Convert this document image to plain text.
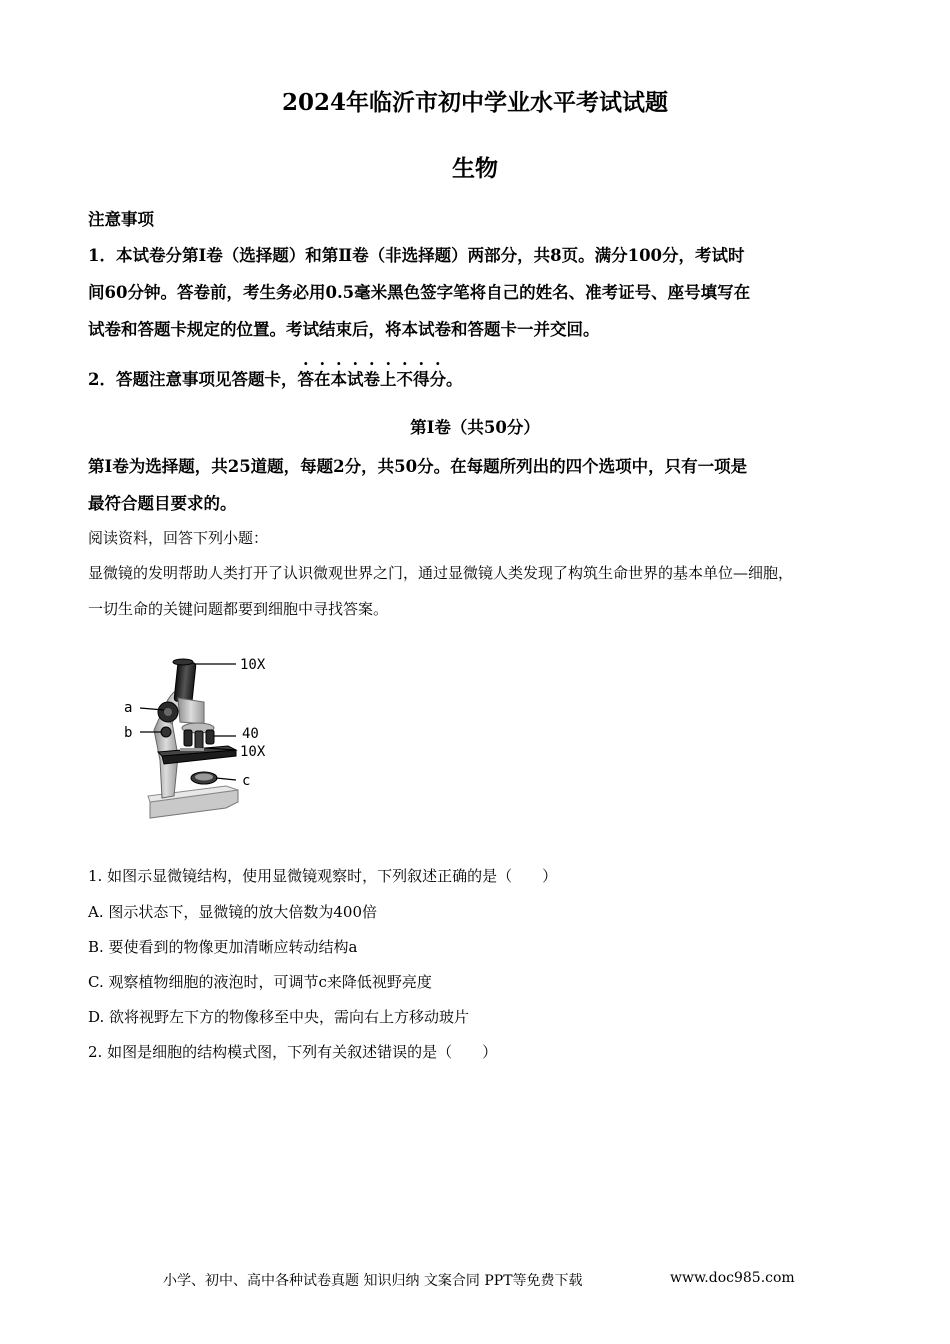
2024年临沂市初中学业水平考试试题
生物
注意事项
1．本试卷分第Ⅰ卷（选择题）和第Ⅱ卷（非选择题）两部分，共8页。满分100分，考试时
间60分钟。答卷前，考生务必用0.5毫米黑色签字笔将自己的姓名、准考证号、座号填写在
试卷和答题卡规定的位置。考试结束后，将本试卷和答题卡一并交回。
2．答题注意事项见答题卡，答在本试卷上不得分。
第Ⅰ卷（共50分）
第Ⅰ卷为选择题，共25道题，每题2分，共50分。在每题所列出的四个选项中，只有一项是
最符合题目要求的。
阅读资料，回答下列小题：
显微镜的发明帮助人类打开了认识微观世界之门，通过显微镜人类发现了构筑生命世界的基本单位—细胞，
一切生命的关键问题都要到细胞中寻找答案。
10X
a
b	40
10X
c
1. 如图示显微镜结构，使用显微镜观察时，下列叙述正确的是（　　）
A. 图示状态下，显微镜的放大倍数为400倍
B. 要使看到的物像更加清晰应转动结构a
C. 观察植物细胞的液泡时，可调节c来降低视野亮度
D. 欲将视野左下方的物像移至中央，需向右上方移动玻片
2. 如图是细胞的结构模式图，下列有关叙述错误的是（　　）
小学、初中、高中各种试卷真题 知识归纳 文案合同 PPT等免费下载	www.doc985.com
